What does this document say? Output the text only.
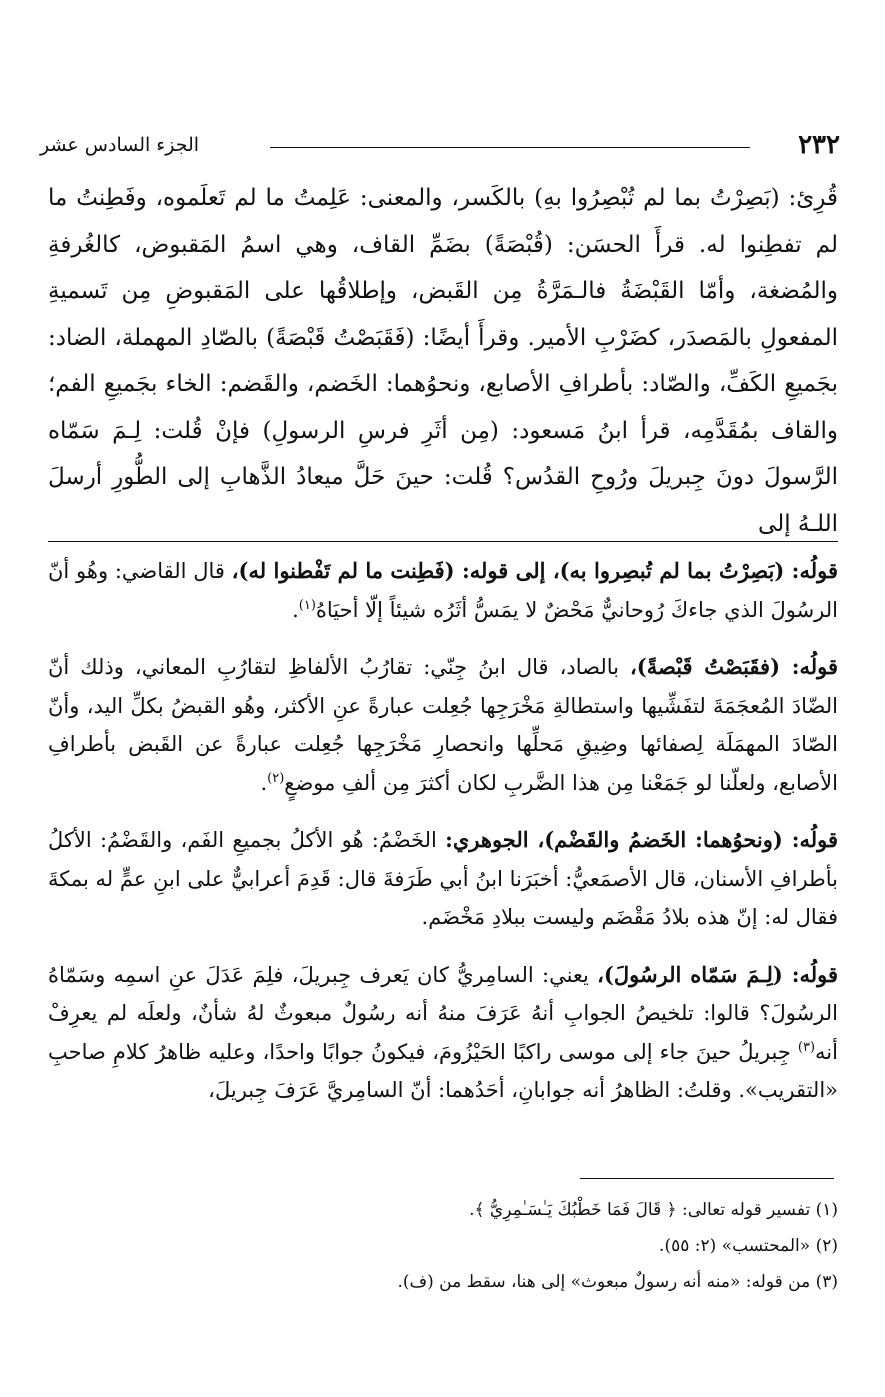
٢٣٢
الجزء السادس عشر

قُرِئ: (بَصِرْتُ بما لم تُبْصِرُوا بهِ) بالكَسر، والمعنى: عَلِمتُ ما لم تَعلَموه، وفَطِنتُ ما لم تفطِنوا له. قرأَ الحسَن: (قُبْصَةً) بضَمِّ القاف، وهي اسمُ المَقبوض، كالغُرفةِ والمُضغة، وأمّا القَبْضَةُ فالـمَرَّةُ مِن القَبض، وإطلاقُها على المَقبوضِ مِن تَسميةِ المفعولِ بالمَصدَر، كضَرْبِ الأمير. وقرأَ أيضًا: (فَقَبَصْتُ قَبْصَةً) بالصّادِ المهملة، الضاد: بجَميعِ الكَفِّ، والصّاد: بأطرافِ الأصابع، ونحوُهما: الخَضم، والقَضم: الخاء بجَميعِ الفم؛ والقاف بمُقَدَّمِه، قرأ ابنُ مَسعود: (مِن أثَرِ فرسِ الرسولِ) فإنْ قُلت: لِـمَ سَمّاه الرَّسولَ دونَ جِبريلَ ورُوحِ القدُس؟ قُلت: حينَ حَلَّ ميعادُ الذَّهابِ إلى الطُّورِ أرسلَ اللـهُ إلى

قولُه: (بَصِرْتُ بما لم تُبصِروا به)، إلى قوله: (فَطِنت ما لم تَفْطنوا له)، قال القاضي: وهُو أنّ الرسُولَ الذي جاءكَ رُوحانيٌّ مَحْضٌ لا يمَسُّ أثَرُه شيئاً إلّا أحيَاهُ$^{(١)}$.

قولُه: (فقَبَصْتُ قَبْصةً)، بالصاد، قال ابنُ جِنّي: تقارُبُ الألفاظِ لتقارُبِ المعاني، وذلك أنّ الضّادَ المُعجَمَةَ لتفَشِّيها واستطالةِ مَخْرَجِها جُعِلت عبارةً عنِ الأكثر، وهُو القبضُ بكلِّ اليد، وأنّ الصّادَ المهمَلَة لِصفائها وضِيقِ مَحلِّها وانحصارِ مَخْرَجِها جُعِلت عبارةً عن القَبض بأطرافِ الأصابع، ولعلّنا لو جَمَعْنا مِن هذا الضَّربِ لكان أكثرَ مِن ألفِ موضعٍ$^{(٢)}$.

قولُه: (ونحوُهما: الخَضمُ والقَضْم)، الجوهري: الخَضْمُ: هُو الأكلُ بجميعِ الفَم، والقَضْمُ: الأكلُ بأطرافِ الأسنان، قال الأصمَعيُّ: أخبَرَنا ابنُ أبي طَرَفةَ قال: قَدِمَ أعرابيٌّ على ابنِ عمٍّ له بمكةَ فقال له: إنّ هذه بلادُ مَقْضَم وليست ببلادِ مَخْضَم.

قولُه: (لِـمَ سَمّاه الرسُولَ)، يعني: السامِريُّ كان يَعرف جِبريلَ، فلِمَ عَدَلَ عنِ اسمِه وسَمّاهُ الرسُولَ؟ قالوا: تلخيصُ الجوابِ أنهُ عَرَفَ منهُ أنه رسُولٌ مبعوثٌ لهُ شأنٌ، ولعلَه لم يعرِفْ أنه$^{(٣)}$ جِبريلُ حينَ جاء إلى موسى راكبًا الحَيْزُومَ، فيكونُ جوابًا واحدًا، وعليه ظاهرُ كلامِ صاحبِ «التقريب». وقلتُ: الظاهرُ أنه جوابانِ، أحَدُهما: أنّ السامِريَّ عَرَفَ جِبريلَ،

(١) تفسير قوله تعالى: ﴿ قَالَ فَمَا خَطْبُكَ يَـٰسَـٰمِرِيُّ ﴾.
(٢) «المحتسب» (٢: ٥٥).
(٣) من قوله: «منه أنه رسولٌ مبعوث» إلى هنا، سقط من (ف).
